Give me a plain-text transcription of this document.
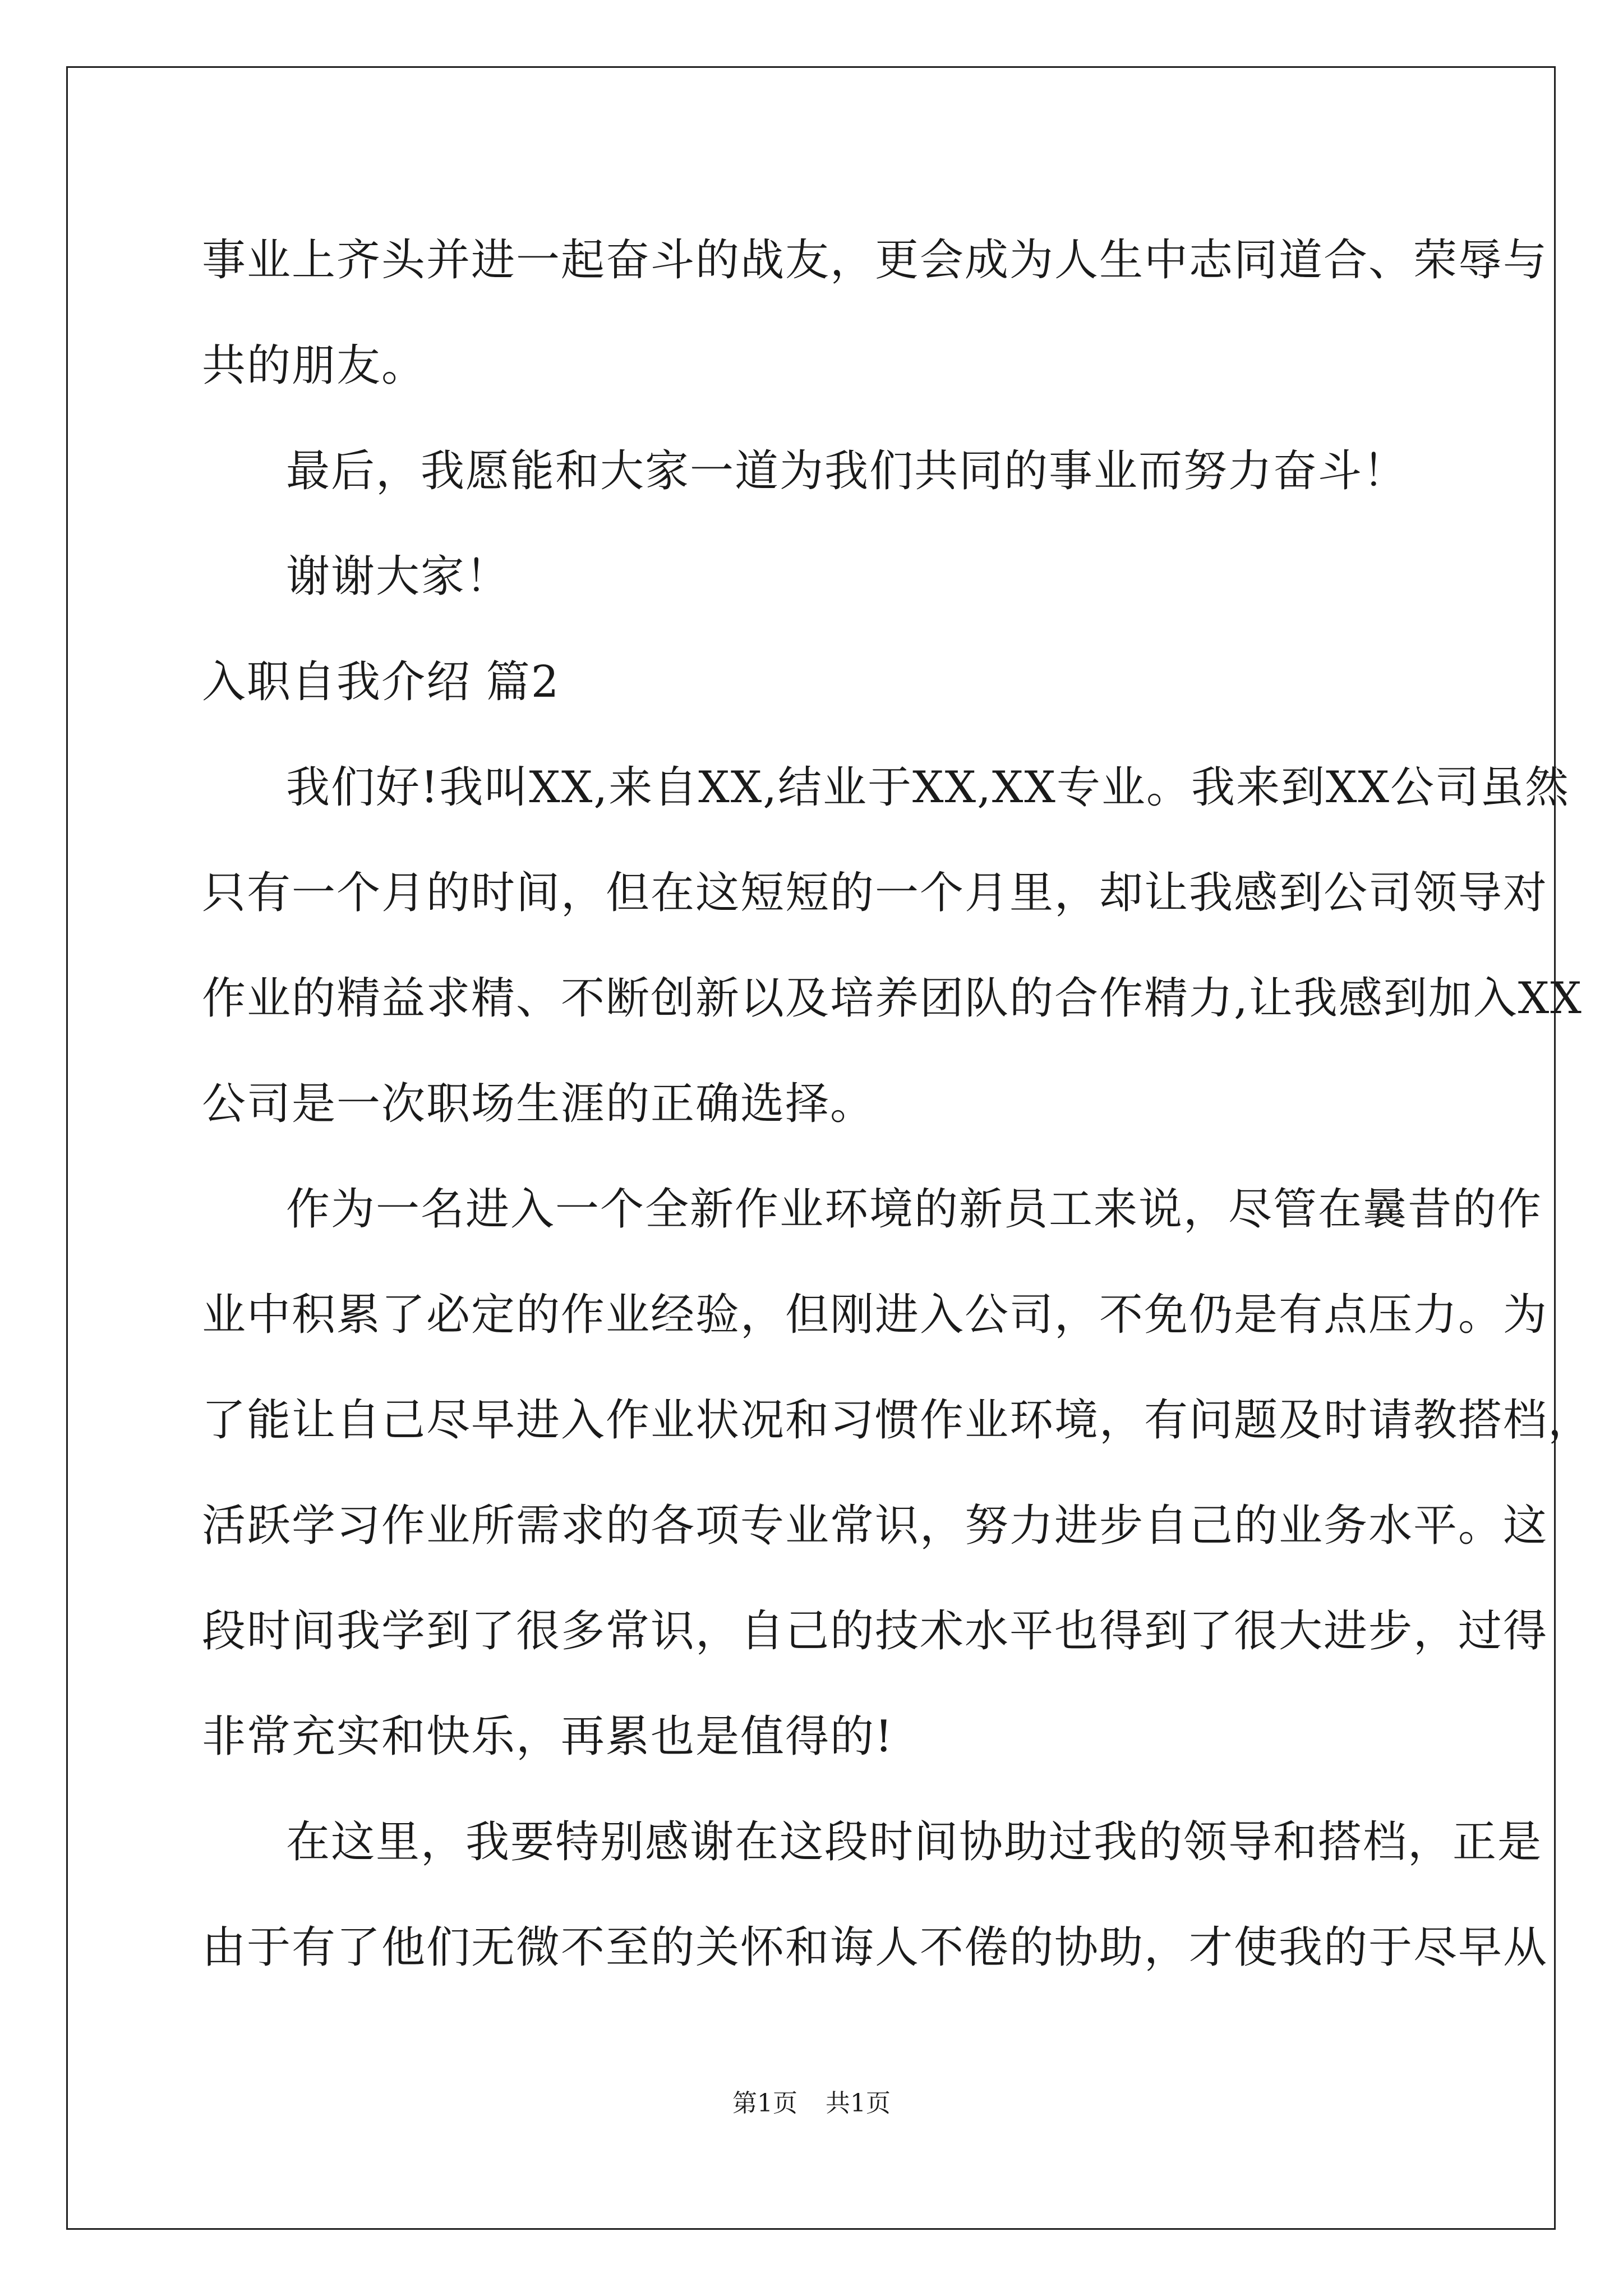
事业上齐头并进一起奋斗的战友，更会成为人生中志同道合、荣辱与
共的朋友。
最后，我愿能和大家一道为我们共同的事业而努力奋斗！
谢谢大家！
入职自我介绍 篇2
我们好!我叫XX,来自XX,结业于XX,XX专业。我来到XX公司虽然
只有一个月的时间，但在这短短的一个月里，却让我感到公司领导对
作业的精益求精、不断创新以及培养团队的合作精力,让我感到加入XX
公司是一次职场生涯的正确选择。
作为一名进入一个全新作业环境的新员工来说，尽管在曩昔的作
业中积累了必定的作业经验，但刚进入公司，不免仍是有点压力。为
了能让自己尽早进入作业状况和习惯作业环境，有问题及时请教搭档，
活跃学习作业所需求的各项专业常识，努力进步自己的业务水平。这
段时间我学到了很多常识，自己的技术水平也得到了很大进步，过得
非常充实和快乐，再累也是值得的!
在这里，我要特别感谢在这段时间协助过我的领导和搭档，正是
由于有了他们无微不至的关怀和诲人不倦的协助，才使我的于尽早从
第1页 共1页
